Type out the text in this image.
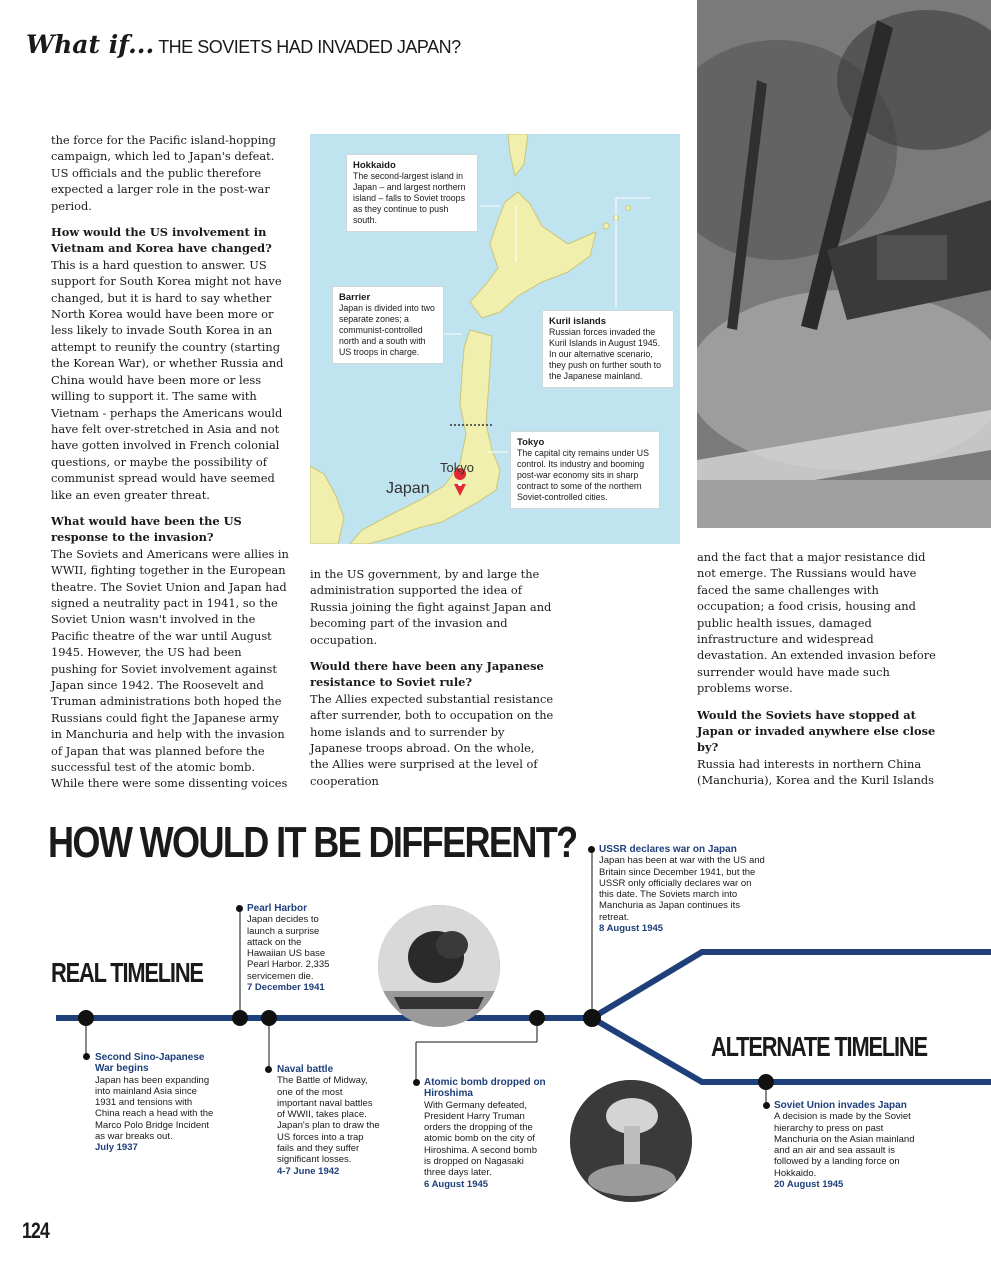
What if... THE SOVIETS HAD INVADED JAPAN?

the force for the Pacific island-hopping campaign, which led to Japan's defeat. US officials and the public therefore expected a larger role in the post-war period.

How would the US involvement in Vietnam and Korea have changed?

This is a hard question to answer. US support for South Korea might not have changed, but it is hard to say whether North Korea would have been more or less likely to invade South Korea in an attempt to reunify the country (starting the Korean War), or whether Russia and China would have been more or less willing to support it. The same with Vietnam - perhaps the Americans would have felt over-stretched in Asia and not have gotten involved in French colonial questions, or maybe the possibility of communist spread would have seemed like an even greater threat.

What would have been the US response to the invasion?

The Soviets and Americans were allies in WWII, fighting together in the European theatre. The Soviet Union and Japan had signed a neutrality pact in 1941, so the Soviet Union wasn't involved in the Pacific theatre of the war until August 1945. However, the US had been pushing for Soviet involvement against Japan since 1942. The Roosevelt and Truman administrations both hoped the Russians could fight the Japanese army in Manchuria and help with the invasion of Japan that was planned before the successful test of the atomic bomb. While there were some dissenting voices

Hokkaido
The second-largest island in Japan – and largest northern island – falls to Soviet troops as they continue to push south.
Barrier
Japan is divided into two separate zones; a communist-controlled north and a south with US troops in charge.
Kuril islands
Russian forces invaded the Kuril Islands in August 1945. In our alternative scenario, they push on further south to the Japanese mainland.
Tokyo
The capital city remains under US control. Its industry and booming post-war economy sits in sharp contract to some of the northern Soviet-controlled cities.
Japan
Tokyo

in the US government, by and large the administration supported the idea of Russia joining the fight against Japan and becoming part of the invasion and occupation.

Would there have been any Japanese resistance to Soviet rule?

The Allies expected substantial resistance after surrender, both to occupation on the home islands and to surrender by Japanese troops abroad. On the whole, the Allies were surprised at the level of cooperation

and the fact that a major resistance did not emerge. The Russians would have faced the same challenges with occupation; a food crisis, housing and public health issues, damaged infrastructure and widespread devastation. An extended invasion before surrender would have made such problems worse.

Would the Soviets have stopped at Japan or invaded anywhere else close by?

Russia had interests in northern China (Manchuria), Korea and the Kuril Islands

HOW WOULD IT BE DIFFERENT?
REAL TIMELINE
ALTERNATE TIMELINE
Second Sino-Japanese War begins
Japan has been expanding into mainland Asia since 1931 and tensions with China reach a head with the Marco Polo Bridge Incident as war breaks out.
July 1937
Pearl Harbor
Japan decides to launch a surprise attack on the Hawaiian US base Pearl Harbor. 2,335 servicemen die.
7 December 1941
Naval battle
The Battle of Midway, one of the most important naval battles of WWII, takes place. Japan's plan to draw the US forces into a trap fails and they suffer significant losses.
4-7 June 1942
Atomic bomb dropped on Hiroshima
With Germany defeated, President Harry Truman orders the dropping of the atomic bomb on the city of Hiroshima. A second bomb is dropped on Nagasaki three days later.
6 August 1945
USSR declares war on Japan
Japan has been at war with the US and Britain since December 1941, but the USSR only officially declares war on this date. The Soviets march into Manchuria as Japan continues its retreat.
8 August 1945
Soviet Union invades Japan
A decision is made by the Soviet hierarchy to press on past Manchuria on the Asian mainland and an air and sea assault is followed by a landing force on Hokkaido.
20 August 1945
124
